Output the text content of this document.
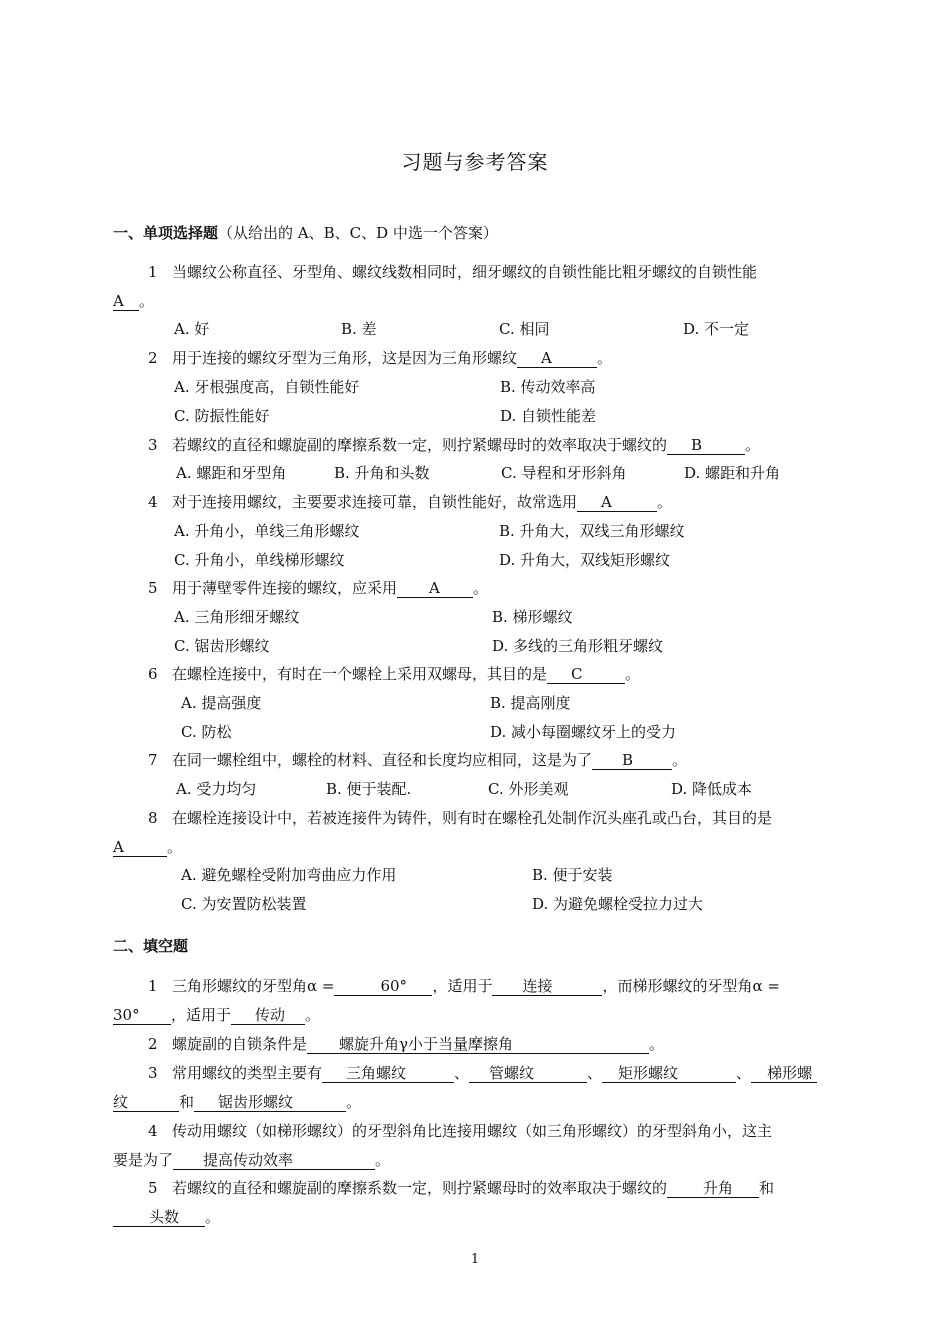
习题与参考答案
一、单项选择题（从给出的 A、B、C、D 中选一个答案）
1 当螺纹公称直径、牙型角、螺纹线数相同时，细牙螺纹的自锁性能比粗牙螺纹的自锁性能
A 。
A. 好	B. 差	C. 相同	D. 不一定
2 用于连接的螺纹牙型为三角形，这是因为三角形螺纹 A	。
A. 牙根强度高，自锁性能好	B. 传动效率高
C. 防振性能好	D. 自锁性能差
3 若螺纹的直径和螺旋副的摩擦系数一定，则拧紧螺母时的效率取决于螺纹的 B	。
A. 螺距和牙型角	B. 升角和头数	C. 导程和牙形斜角	D. 螺距和升角
4 对于连接用螺纹，主要要求连接可靠，自锁性能好，故常选用 A	。
A. 升角小，单线三角形螺纹	B. 升角大，双线三角形螺纹
C. 升角小，单线梯形螺纹	D. 升角大，双线矩形螺纹
5 用于薄壁零件连接的螺纹，应采用 A 。
A. 三角形细牙螺纹	B. 梯形螺纹
C. 锯齿形螺纹	D. 多线的三角形粗牙螺纹
6 在螺栓连接中，有时在一个螺栓上采用双螺母，其目的是 C	。
A. 提高强度	B. 提高刚度
C. 防松	D. 减小每圈螺纹牙上的受力
7 在同一螺栓组中，螺栓的材料、直径和长度均应相同，这是为了 B	。
A. 受力均匀	B. 便于装配.	C. 外形美观	D. 降低成本
8 在螺栓连接设计中，若被连接件为铸件，则有时在螺栓孔处制作沉头座孔或凸台，其目的是
A	。
A. 避免螺栓受附加弯曲应力作用	B. 便于安装
C. 为安置防松装置	D. 为避免螺栓受拉力过大
二、填空题
1 三角形螺纹的牙型角α =	60° ，适用于 连接	，而梯形螺纹的牙型角α =
30° ，适用于 传动 。
2 螺旋副的自锁条件是 螺旋升角γ小于当量摩擦角	。
3 常用螺纹的类型主要有 三角螺纹	、 管螺纹	、 矩形螺纹	、 梯形螺
纹	和 锯齿形螺纹	。
4 传动用螺纹（如梯形螺纹）的牙型斜角比连接用螺纹（如三角形螺纹）的牙型斜角小，这主
要是为了 提高传动效率	。
5 若螺纹的直径和螺旋副的摩擦系数一定，则拧紧螺母时的效率取决于螺纹的 升角 和
头数 。
1
